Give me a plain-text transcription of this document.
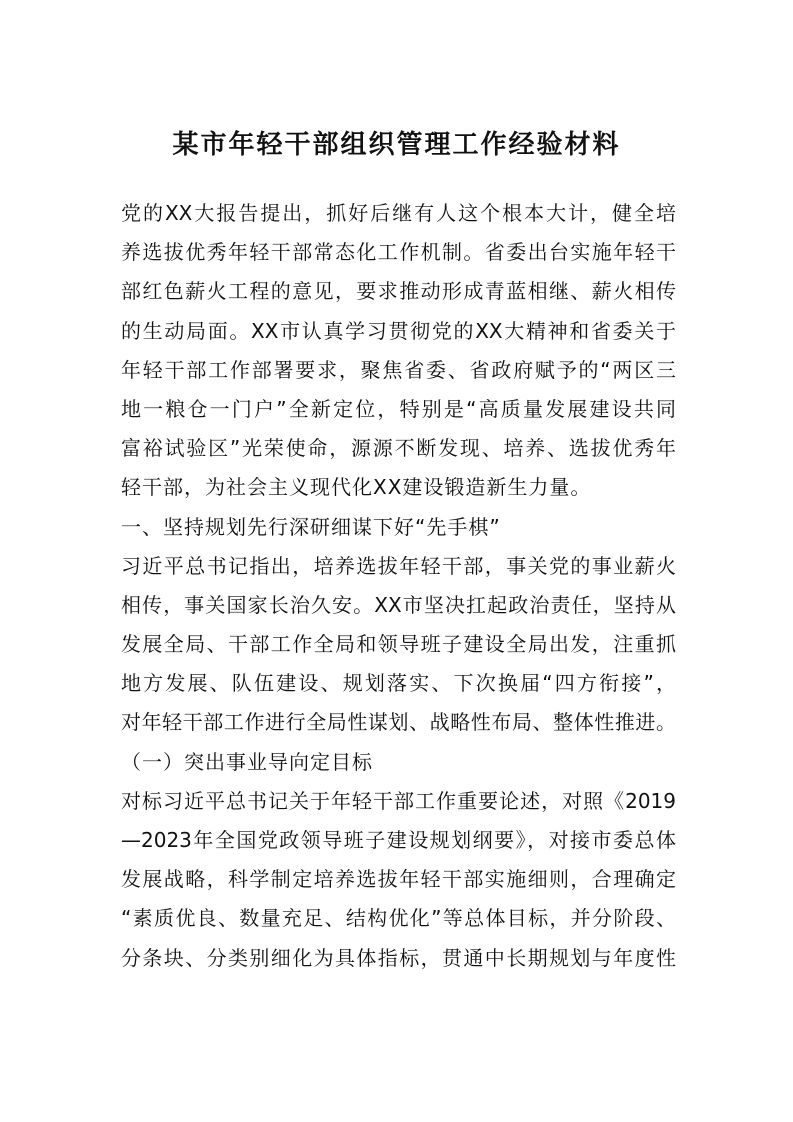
某市年轻干部组织管理工作经验材料
党的XX大报告提出，抓好后继有人这个根本大计，健全培
养选拔优秀年轻干部常态化工作机制。省委出台实施年轻干
部红色薪火工程的意见，要求推动形成青蓝相继、薪火相传
的生动局面。XX市认真学习贯彻党的XX大精神和省委关于
年轻干部工作部署要求，聚焦省委、省政府赋予的“两区三
地一粮仓一门户”全新定位，特别是“高质量发展建设共同
富裕试验区”光荣使命，源源不断发现、培养、选拔优秀年
轻干部，为社会主义现代化XX建设锻造新生力量。
一、坚持规划先行深研细谋下好“先手棋”
习近平总书记指出，培养选拔年轻干部，事关党的事业薪火
相传，事关国家长治久安。XX市坚决扛起政治责任，坚持从
发展全局、干部工作全局和领导班子建设全局出发，注重抓
地方发展、队伍建设、规划落实、下次换届“四方衔接”，
对年轻干部工作进行全局性谋划、战略性布局、整体性推进。
（一）突出事业导向定目标
对标习近平总书记关于年轻干部工作重要论述，对照《2019
—2023年全国党政领导班子建设规划纲要》，对接市委总体
发展战略，科学制定培养选拔年轻干部实施细则，合理确定
“素质优良、数量充足、结构优化”等总体目标，并分阶段、
分条块、分类别细化为具体指标，贯通中长期规划与年度性
